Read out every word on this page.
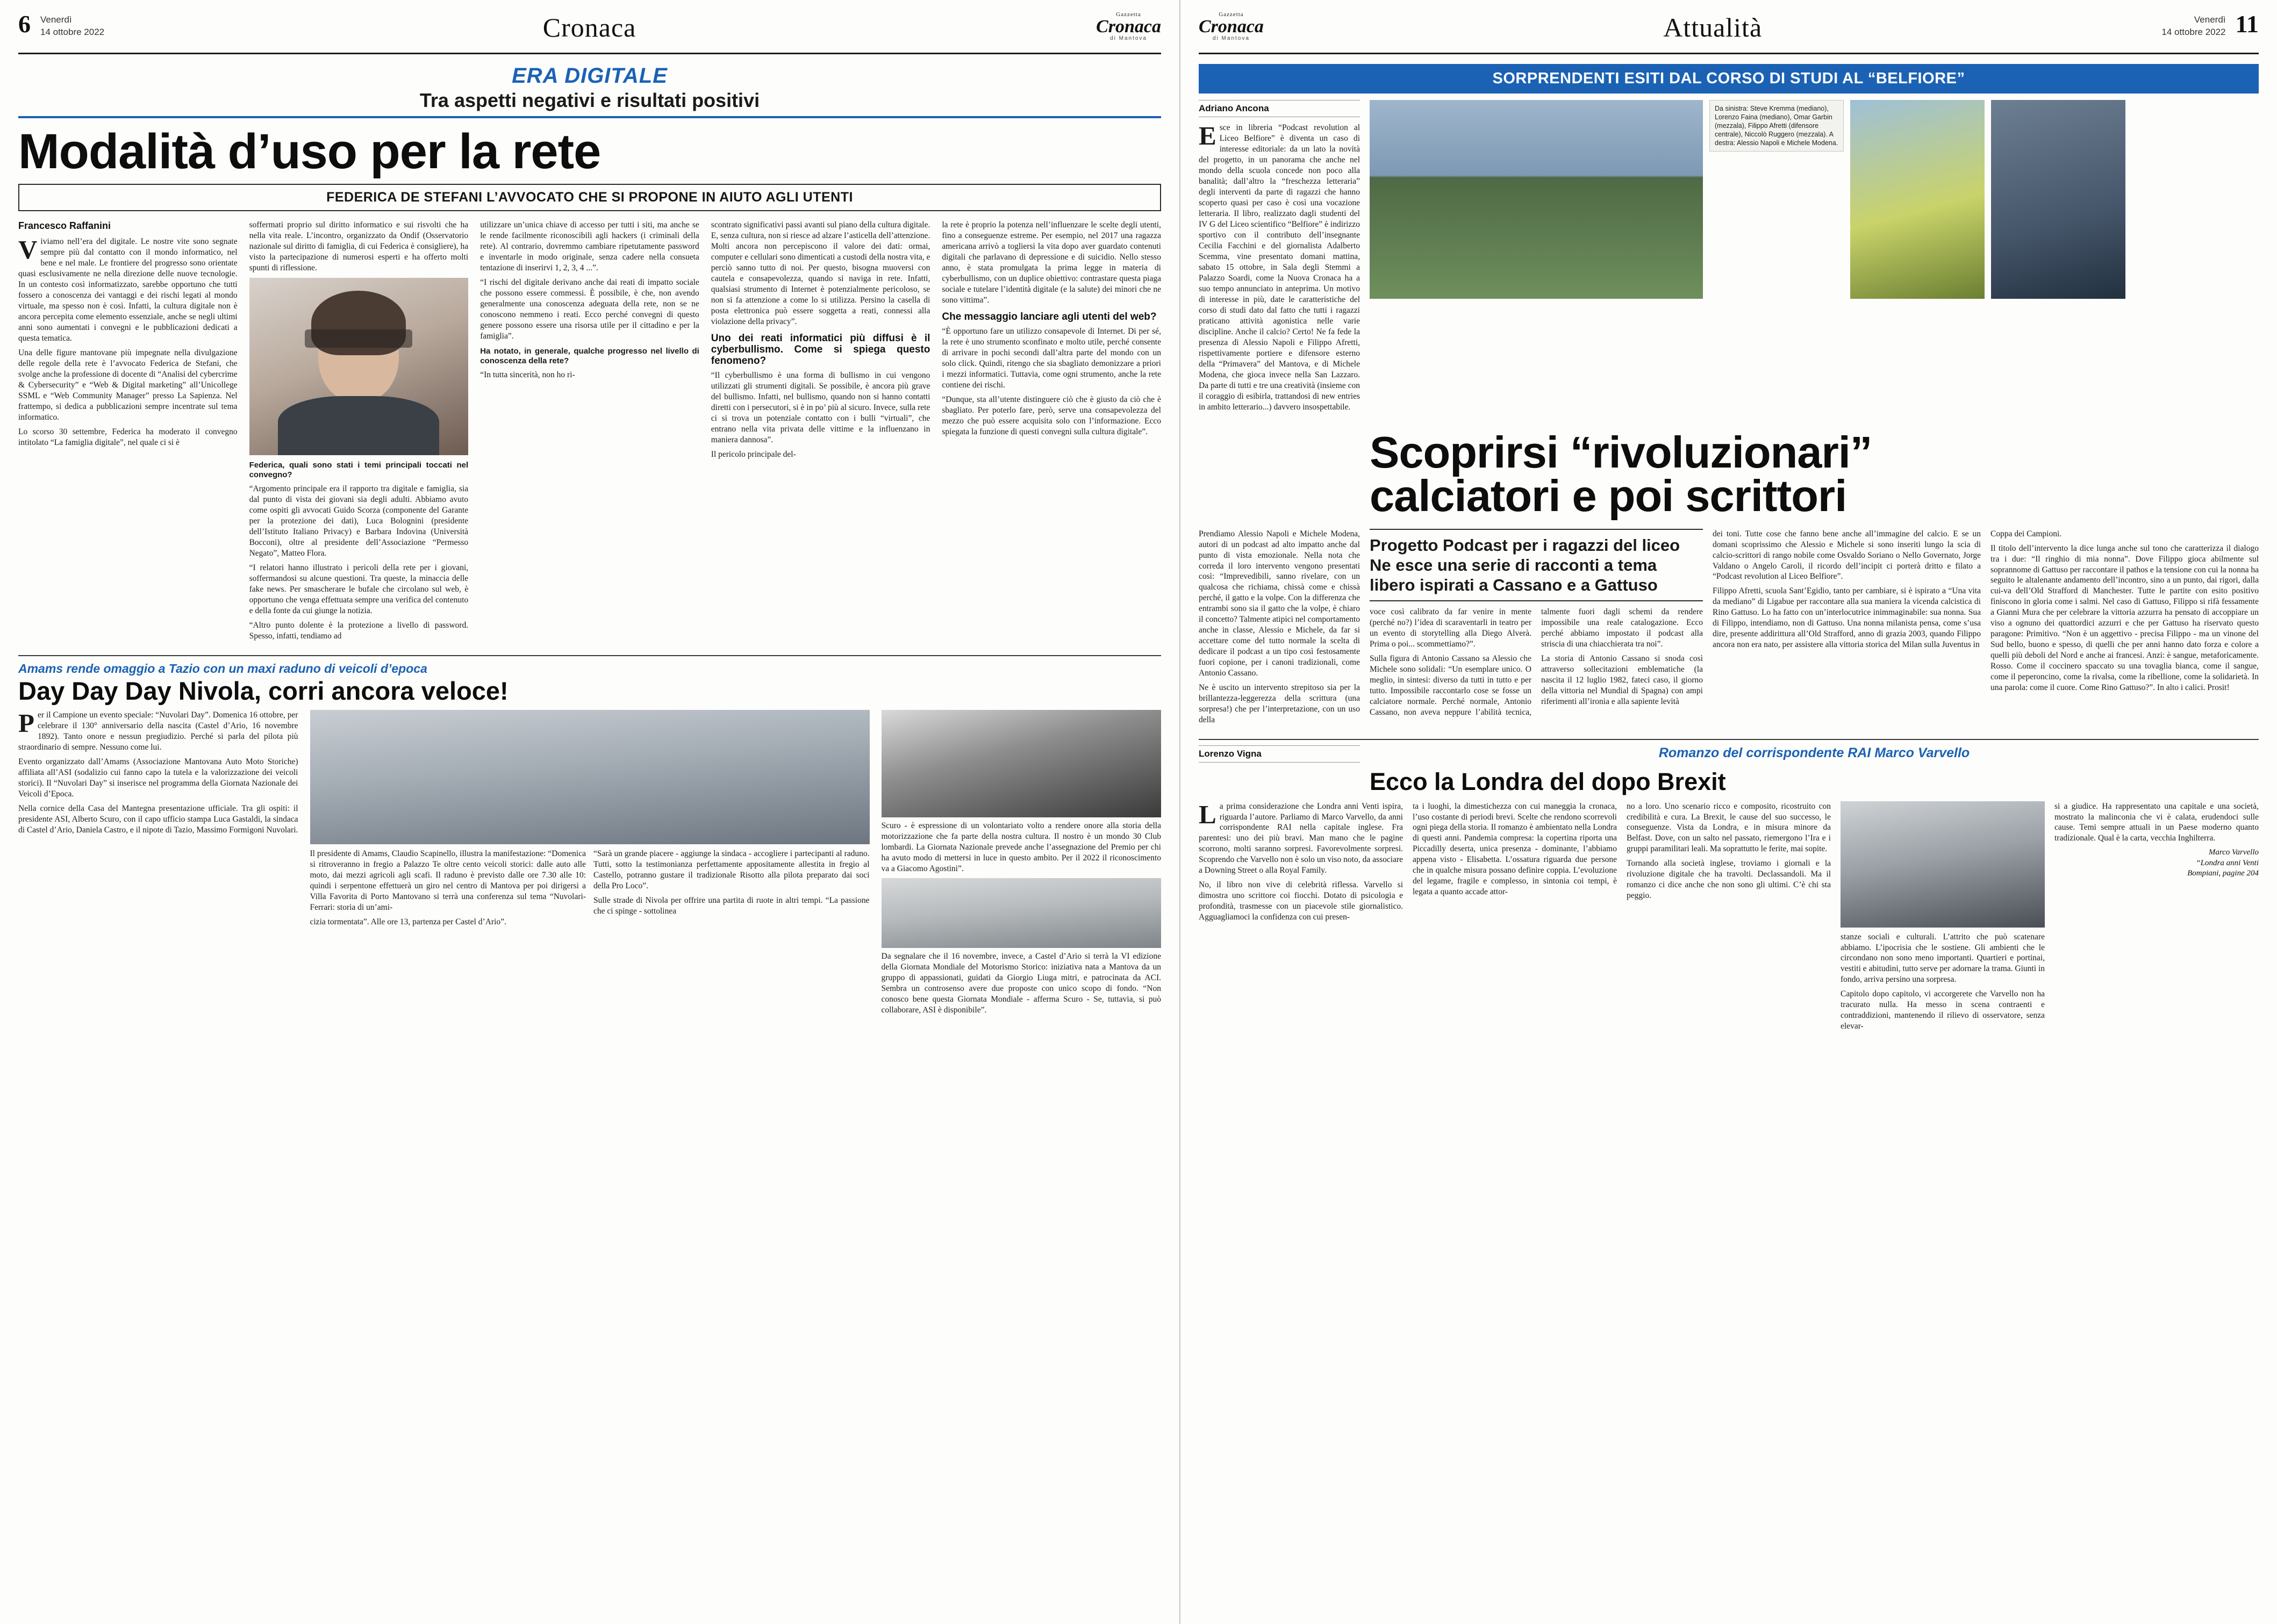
6 Venerdì
14 ottobre 2022	Cronaca	Gazzetta
Cronaca
di Mantova
ERA DIGITALE
Tra aspetti negativi e risultati positivi
Modalità d’uso per la rete
FEDERICA DE STEFANI L’AVVOCATO CHE SI PROPONE IN AIUTO AGLI UTENTI
Francesco Raffanini

Viviamo nell’era del digitale. Le nostre vite sono segnate sempre più dal contatto con il mondo informatico, nel bene e nel male. Le frontiere del progresso sono orientate quasi esclusivamente ne nella direzione delle nuove tecnologie. In un contesto così informatizzato, sarebbe opportuno che tutti fossero a conoscenza dei vantaggi e dei rischi legati al mondo virtuale, ma spesso non è così. Infatti, la cultura digitale non è ancora percepita come elemento essenziale, anche se negli ultimi anni sono aumentati i convegni e le pubblicazioni dedicati a questa tematica.

Una delle figure mantovane più impegnate nella divulgazione delle regole della rete è l’avvocato Federica de Stefani, che svolge anche la professione di docente di “Analisi del cybercrime & Cybersecurity” e “Web & Digital marketing” all’Unicollege SSML e “Web Community Manager” presso La Sapienza. Nel frattempo, si dedica a pubblicazioni sempre incentrate sul tema informatico.

Lo scorso 30 settembre, Federica ha moderato il convegno intitolato “La famiglia digitale”, nel quale ci si è

soffermati proprio sul diritto informatico e sui risvolti che ha nella vita reale. L’incontro, organizzato da Ondif (Osservatorio nazionale sul diritto di famiglia, di cui Federica è consigliere), ha visto la partecipazione di numerosi esperti e ha offerto molti spunti di riflessione.

Federica, quali sono stati i temi principali toccati nel convegno?

“Argomento principale era il rapporto tra digitale e famiglia, sia dal punto di vista dei giovani sia degli adulti. Abbiamo avuto come ospiti gli avvocati Guido Scorza (componente del Garante per la protezione dei dati), Luca Bolognini (presidente dell’Istituto Italiano Privacy) e Barbara Indovina (Università Bocconi), oltre al presidente dell’Associazione “Permesso Negato”, Matteo Flora.

“I relatori hanno illustrato i pericoli della rete per i giovani, soffermandosi su alcune questioni. Tra queste, la minaccia delle fake news. Per smascherare le bufale che circolano sul web, è opportuno che venga effettuata sempre una verifica del contenuto e della fonte da cui giunge la notizia.

“Altro punto dolente è la protezione a livello di password. Spesso, infatti, tendiamo ad

utilizzare un’unica chiave di accesso per tutti i siti, ma anche se le rende facilmente riconoscibili agli hackers (i criminali della rete). Al contrario, dovremmo cambiare ripetutamente password e inventarle in modo originale, senza cadere nella consueta tentazione di inserirvi 1, 2, 3, 4 ...”.

“I rischi del digitale derivano anche dai reati di impatto sociale che possono essere commessi. È possibile, è che, non avendo generalmente una conoscenza adeguata della rete, non se ne conoscono nemmeno i reati. Ecco perché convegni di questo genere possono essere una risorsa utile per il cittadino e per la famiglia”.

Ha notato, in generale, qualche progresso nel livello di conoscenza della rete?

“In tutta sincerità, non ho ri-

scontrato significativi passi avanti sul piano della cultura digitale. E, senza cultura, non si riesce ad alzare l’asticella dell’attenzione. Molti ancora non percepiscono il valore dei dati: ormai, computer e cellulari sono dimenticati a custodi della nostra vita, e perciò sanno tutto di noi. Per questo, bisogna muoversi con cautela e consapevolezza, quando si naviga in rete. Infatti, qualsiasi strumento di Internet è potenzialmente pericoloso, se non si fa attenzione a come lo si utilizza. Persino la casella di posta elettronica può essere soggetta a reati, connessi alla violazione della privacy”.

Uno dei reati informatici più diffusi è il cyberbullismo. Come si spiega questo fenomeno?

“Il cyberbullismo è una forma di bullismo in cui vengono utilizzati gli strumenti digitali. Se possibile, è ancora più grave del bullismo. Infatti, nel bullismo, quando non si hanno contatti diretti con i persecutori, si è in po’ più al sicuro. Invece, sulla rete ci si trova un potenziale contatto con i bulli “virtuali”, che entrano nella vita privata delle vittime e la influenzano in maniera dannosa”.

Il pericolo principale del-

la rete è proprio la potenza nell’influenzare le scelte degli utenti, fino a conseguenze estreme. Per esempio, nel 2017 una ragazza americana arrivò a togliersi la vita dopo aver guardato contenuti digitali che parlavano di depressione e di suicidio. Nello stesso anno, è stata promulgata la prima legge in materia di cyberbullismo, con un duplice obiettivo: contrastare questa piaga sociale e tutelare l’identità digitale (e la salute) dei minori che ne sono vittima”.

Che messaggio lanciare agli utenti del web?

“È opportuno fare un utilizzo consapevole di Internet. Di per sé, la rete è uno strumento sconfinato e molto utile, perché consente di arrivare in pochi secondi dall’altra parte del mondo con un solo click. Quindi, ritengo che sia sbagliato demonizzare a priori i mezzi informatici. Tuttavia, come ogni strumento, anche la rete contiene dei rischi.

“Dunque, sta all’utente distinguere ciò che è giusto da ciò che è sbagliato. Per poterlo fare, però, serve una consapevolezza del mezzo che può essere acquisita solo con l’informazione. Ecco spiegata la funzione di questi convegni sulla cultura digitale”.

Amams rende omaggio a Tazio con un maxi raduno di veicoli d’epoca
Day Day Day Nivola, corri ancora veloce!

Per il Campione un evento speciale: “Nuvolari Day”. Domenica 16 ottobre, per celebrare il 130° anniversario della nascita (Castel d’Ario, 16 novembre 1892). Tanto onore e nessun pregiudizio. Perché si parla del pilota più straordinario di sempre. Nessuno come lui.

Evento organizzato dall’Amams (Associazione Mantovana Auto Moto Storiche) affiliata all’ASI (sodalizio cui fanno capo la tutela e la valorizzazione dei veicoli storici). Il “Nuvolari Day” si inserisce nel programma della Giornata Nazionale dei Veicoli d’Epoca.

Nella cornice della Casa del Mantegna presentazione ufficiale. Tra gli ospiti: il presidente ASI, Alberto Scuro, con il capo ufficio stampa Luca Gastaldi, la sindaca di Castel d’Ario, Daniela Castro, e il nipote di Tazio, Massimo Formigoni Nuvolari.

Il presidente di Amams, Claudio Scapinello, illustra la manifestazione: “Domenica si ritroveranno in fregio a Palazzo Te oltre cento veicoli storici: dalle auto alle moto, dai mezzi agricoli agli scafi. Il raduno è previsto dalle ore 7.30 alle 10: quindi i serpentone effettuerà un giro nel centro di Mantova per poi dirigersi a Villa Favorita di Porto Mantovano si terrà una conferenza sul tema “Nuvolari-Ferrari: storia di un’ami-

cizia tormentata”. Alle ore 13, partenza per Castel d’Ario”.

“Sarà un grande piacere - aggiunge la sindaca - accogliere i partecipanti al raduno. Tutti, sotto la testimonianza perfettamente appositamente allestita in fregio al Castello, potranno gustare il tradizionale Risotto alla pilota preparato dai soci della Pro Loco”.

Sulle strade di Nivola per offrire una partita di ruote in altri tempi. “La passione che ci spinge - sottolinea

Scuro - è espressione di un volontariato volto a rendere onore alla storia della motorizzazione che fa parte della nostra cultura. Il nostro è un mondo 30 Club lombardi. La Giornata Nazionale prevede anche l’assegnazione del Premio per chi ha avuto modo di mettersi in luce in questo ambito. Per il 2022 il riconoscimento va a Giacomo Agostini”.

Da segnalare che il 16 novembre, invece, a Castel d’Ario si terrà la VI edizione della Giornata Mondiale del Motorismo Storico: iniziativa nata a Mantova da un gruppo di appassionati, guidati da Giorgio Liuga mitri, e patrocinata da ACI. Sembra un controsenso avere due proposte con unico scopo di fondo. “Non conosco bene questa Giornata Mondiale - afferma Scuro - Se, tuttavia, si può collaborare, ASI è disponibile”.

Gazzetta
Cronaca
di Mantova	Attualità	Venerdì
14 ottobre 2022 11
SORPRENDENTI ESITI DAL CORSO DI STUDI AL “BELFIORE”
Adriano Ancona

Esce in libreria “Podcast revolution al Liceo Belfiore” è diventa un caso di interesse editoriale: da un lato la novità del progetto, in un panorama che anche nel mondo della scuola concede non poco alla banalità; dall’altro la “freschezza letteraria” degli interventi da parte di ragazzi che hanno scoperto quasi per caso è così una vocazione letteraria. Il libro, realizzato dagli studenti del IV G del Liceo scientifico “Belfiore” è indirizzo sportivo con il contributo dell’insegnante Cecilia Facchini e del giornalista Adalberto Scemma, vine presentato domani mattina, sabato 15 ottobre, in Sala degli Stemmi a Palazzo Soardi, come la Nuova Cronaca ha a suo tempo annunciato in anteprima. Un motivo di interesse in più, date le caratteristiche del corso di studi dato dal fatto che tutti i ragazzi praticano attività agonistica nelle varie discipline. Anche il calcio? Certo! Ne fa fede la presenza di Alessio Napoli e Filippo Afretti, rispettivamente portiere e difensore esterno della “Primavera” del Mantova, e di Michele Modena, che gioca invece nella San Lazzaro. Da parte di tutti e tre una creatività (insieme con il coraggio di esibirla, trattandosi di new entries in ambito letterario...) davvero insospettabile.

Da sinistra: Steve Kremma (mediano), Lorenzo Faina (mediano), Omar Garbin (mezzala), Filippo Afretti (difensore centrale), Niccolò Ruggero (mezzala). A destra: Alessio Napoli e Michele Modena.
Scoprirsi “rivoluzionari”
calciatori e poi scrittori

Prendiamo Alessio Napoli e Michele Modena, autori di un podcast ad alto impatto anche dal punto di vista emozionale. Nella nota che correda il loro intervento vengono presentati così: “Imprevedibili, sanno rivelare, con un qualcosa che richiama, chissà come e chissà perché, il gatto e la volpe. Con la differenza che entrambi sono sia il gatto che la volpe, è chiaro il concetto? Talmente atipici nel comportamento anche in classe, Alessio e Michele, da far si accettare come del tutto normale la scelta di dedicare il podcast a un tipo così festosamente fuori copione, per i canoni tradizionali, come Antonio Cassano.

Ne è uscito un intervento strepitoso sia per la brillantezza-leggerezza della scrittura (una sorpresa!) che per l’interpretazione, con un uso della

Progetto Podcast per i ragazzi del liceo
Ne esce una serie di racconti a tema
libero ispirati a Cassano e a Gattuso

voce così calibrato da far venire in mente (perché no?) l’idea di scaraventarli in teatro per un evento di storytelling alla Diego Alverà. Prima o poi... scommettiamo?”.

Sulla figura di Antonio Cassano sa Alessio che Michele sono solidali: “Un esemplare unico. O meglio, in sintesi: diverso da tutti in tutto e per tutto. Impossibile raccontarlo cose se fosse un calciatore normale. Perché normale, Antonio Cassano, non aveva neppure l’abilità tecnica, talmente fuori dagli schemi da rendere impossibile una reale catalogazione. Ecco perché abbiamo impostato il podcast alla striscia di una chiacchierata tra noi”.

La storia di Antonio Cassano si snoda così attraverso sollecitazioni emblematiche (la nascita il 12 luglio 1982, fateci caso, il giorno della vittoria nel Mundial di Spagna) con ampi riferimenti all’ironia e alla sapiente levità

dei toni. Tutte cose che fanno bene anche all’immagine del calcio. E se un domani scoprissimo che Alessio e Michele si sono inseriti lungo la scia di calcio-scrittori di rango nobile come Osvaldo Soriano o Nello Governato, Jorge Valdano o Angelo Caroli, il ricordo dell’incipit ci porterà dritto e filato a “Podcast revolution al Liceo Belfiore”.

Filippo Afretti, scuola Sant’Egidio, tanto per cambiare, si è ispirato a “Una vita da mediano” di Ligabue per raccontare alla sua maniera la vicenda calcistica di Rino Gattuso. Lo ha fatto con un’interlocutrice inimmaginabile: sua nonna. Sua di Filippo, intendiamo, non di Gattuso. Una nonna milanista pensa, come s’usa dire, presente addirittura all’Old Strafford, anno di grazia 2003, quando Filippo ancora non era nato, per assistere alla vittoria storica del Milan sulla Juventus in

Coppa dei Campioni.

Il titolo dell’intervento la dice lunga anche sul tono che caratterizza il dialogo tra i due: “Il ringhio di mia nonna”. Dove Filippo gioca abilmente sul soprannome di Gattuso per raccontare il pathos e la tensione con cui la nonna ha seguito le altalenante andamento dell’incontro, sino a un punto, dai rigori, dalla cui-va dell’Old Strafford di Manchester. Tutte le partite con esito positivo finiscono in gloria come i salmi. Nel caso di Gattuso, Filippo si rifà fessamente a Gianni Mura che per celebrare la vittoria azzurra ha pensato di accoppiare un viso a ognuno dei quattordici azzurri e che per Gattuso ha riservato questo paragone: Primitivo. “Non è un aggettivo - precisa Filippo - ma un vinone del Sud bello, buono e spesso, di quelli che per anni hanno dato forza e colore a quelli più deboli del Nord e anche ai francesi. Anzi: è sangue, metaforicamente. Rosso. Come il coccinero spaccato su una tovaglia bianca, come il sangue, come il peperoncino, come la rivalsa, come la ribellione, come la solidarietà. In una parola: come il cuore. Come Rino Gattuso?”. In alto i calici. Prosit!

Lorenzo Vigna	Romanzo del corrispondente RAI Marco Varvello
Ecco la Londra del dopo Brexit

La prima considerazione che Londra anni Venti ispira, riguarda l’autore. Parliamo di Marco Varvello, da anni corrispondente RAI nella capitale inglese. Fra parentesi: uno dei più bravi. Man mano che le pagine scorrono, molti saranno sorpresi. Favorevolmente sorpresi. Scoprendo che Varvello non è solo un viso noto, da associare a Downing Street o alla Royal Family.

No, il libro non vive di celebrità riflessa. Varvello si dimostra uno scrittore coi fiocchi. Dotato di psicologia e profondità, trasmesse con un piacevole stile giornalistico. Agguagliamoci la confidenza con cui presen-

ta i luoghi, la dimestichezza con cui maneggia la cronaca, l’uso costante di periodi brevi. Scelte che rendono scorrevoli ogni piega della storia. Il romanzo è ambientato nella Londra di questi anni. Pandemia compresa: la copertina riporta una Piccadilly deserta, unica presenza - dominante, l’abbiamo appena visto - Elisabetta. L’ossatura riguarda due persone che in qualche misura possano definire coppia. L’evoluzione del legame, fragile e complesso, in sintonia coi tempi, è legata a quanto accade attor-

no a loro. Uno scenario ricco e composito, ricostruito con credibilità e cura. La Brexit, le cause del suo successo, le conseguenze. Vista da Londra, e in misura minore da Belfast. Dove, con un salto nel passato, riemergono l’Ira e i gruppi paramilitari leali. Ma soprattutto le ferite, mai sopite.

Tornando alla società inglese, troviamo i giornali e la rivoluzione digitale che ha travolti. Declassandoli. Ma il romanzo ci dice anche che non sono gli ultimi. C’è chi sta peggio.

stanze sociali e culturali. L’attrito che può scatenare abbiamo. L’ipocrisia che le sostiene. Gli ambienti che le circondano non sono meno importanti. Quartieri e portinai, vestiti e abitudini, tutto serve per adornare la trama. Giunti in fondo, arriva persino una sorpresa.

Capitolo dopo capitolo, vi accorgerete che Varvello non ha tracurato nulla. Ha messo in scena contraenti e contraddizioni, mantenendo il rilievo di osservatore, senza elevar-

si a giudice. Ha rappresentato una capitale e una società, mostrato la malinconia che vi è calata, erudendoci sulle cause. Temi sempre attuali in un Paese moderno quanto tradizionale. Qual è la carta, vecchia Inghilterra.

Marco Varvello
“Londra anni Venti
Bompiani, pagine 204
